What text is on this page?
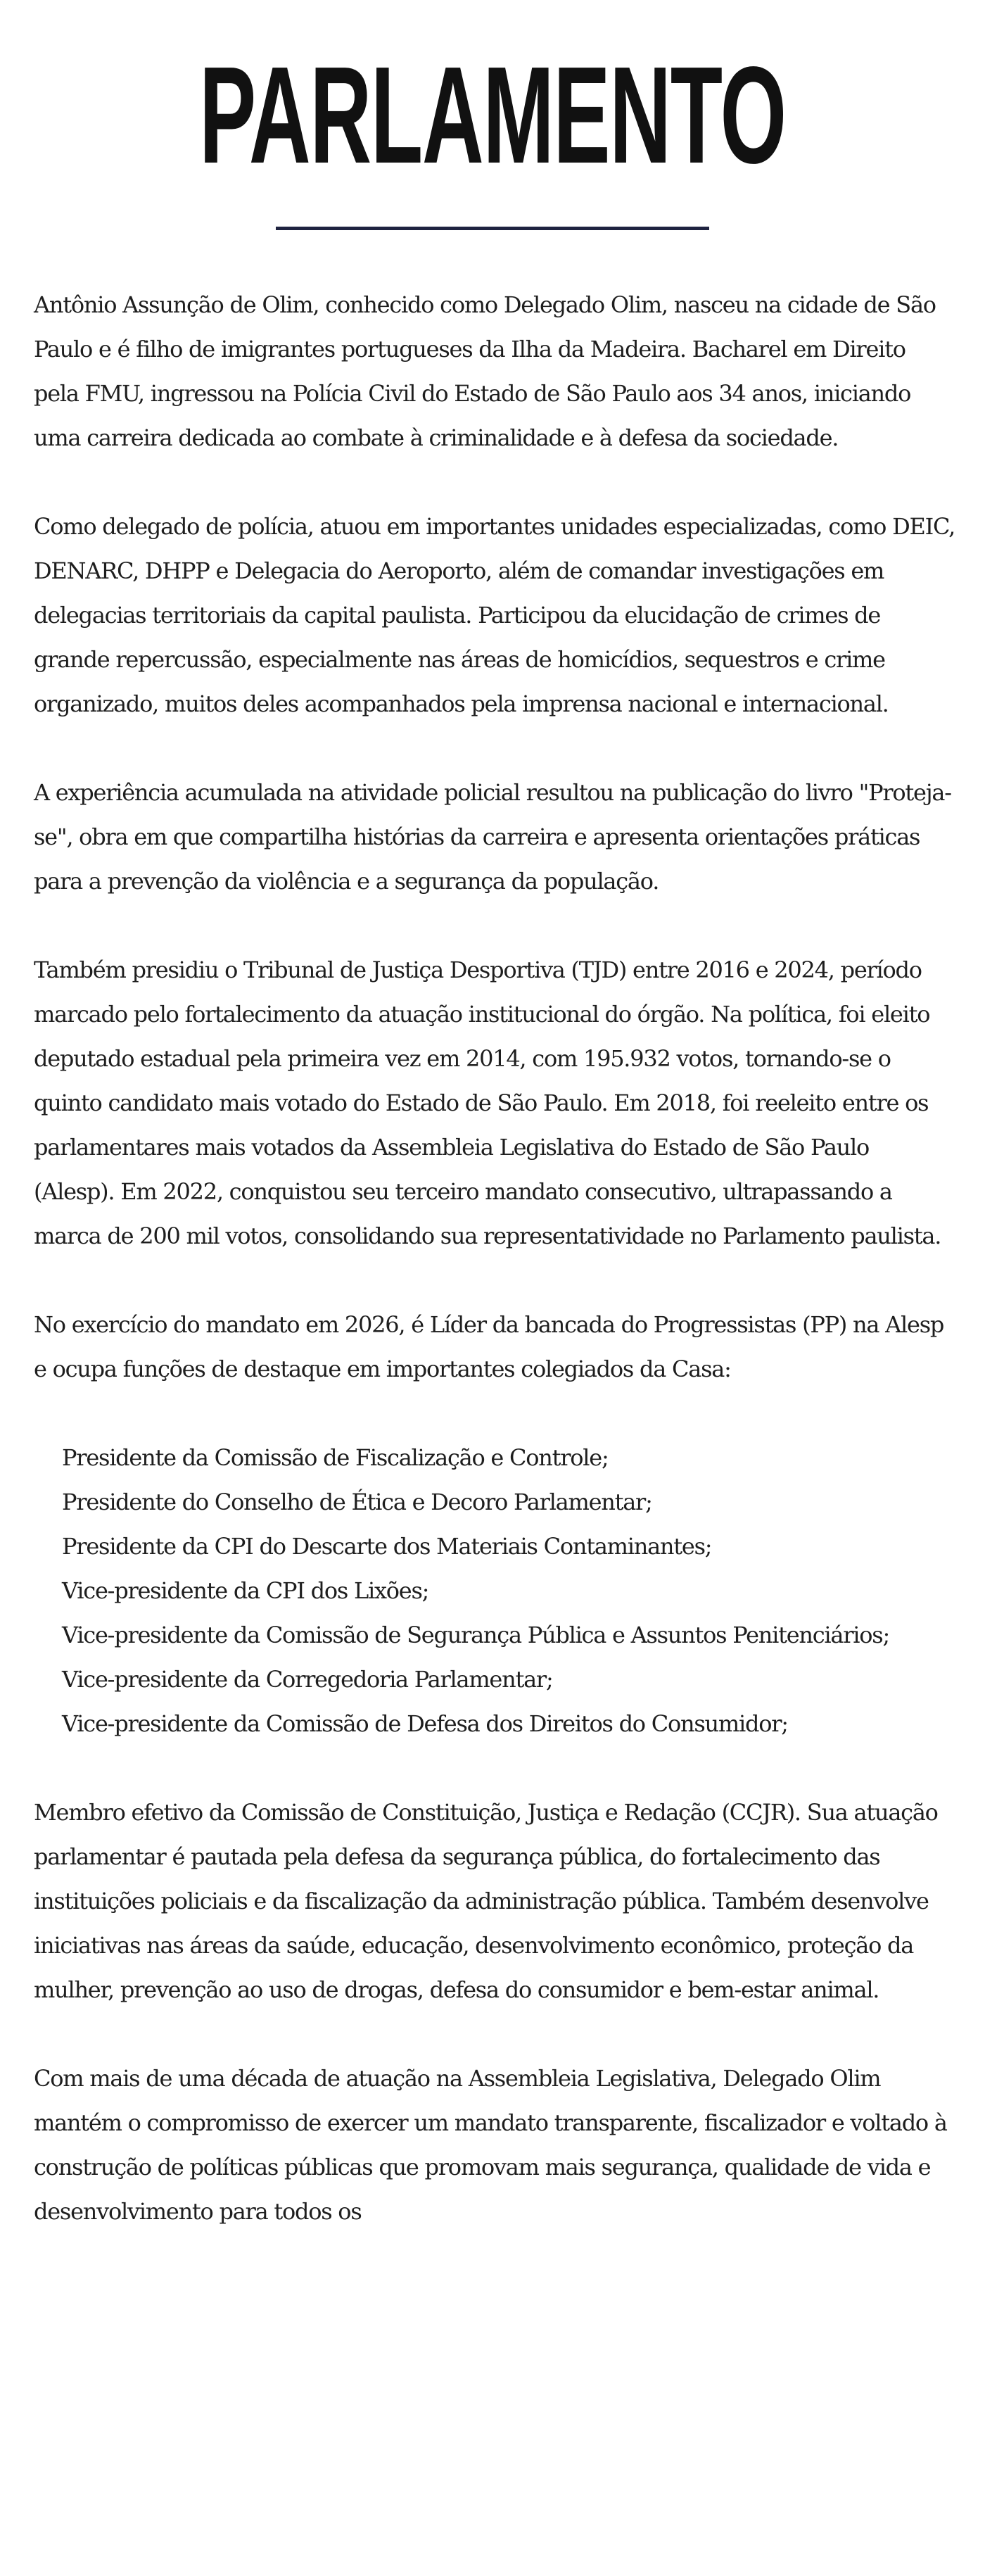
PARLAMENTO

Antônio Assunção de Olim, conhecido como Delegado Olim, nasceu na cidade de São Paulo e é filho de imigrantes portugueses da Ilha da Madeira. Bacharel em Direito pela FMU, ingressou na Polícia Civil do Estado de São Paulo aos 34 anos, iniciando uma carreira dedicada ao combate à criminalidade e à defesa da sociedade.

Como delegado de polícia, atuou em importantes unidades especializadas, como DEIC, DENARC, DHPP e Delegacia do Aeroporto, além de comandar investigações em delegacias territoriais da capital paulista. Participou da elucidação de crimes de grande repercussão, especialmente nas áreas de homicídios, sequestros e crime organizado, muitos deles acompanhados pela imprensa nacional e internacional.

A experiência acumulada na atividade policial resultou na publicação do livro "Proteja-se", obra em que compartilha histórias da carreira e apresenta orientações práticas para a prevenção da violência e a segurança da população.

Também presidiu o Tribunal de Justiça Desportiva (TJD) entre 2016 e 2024, período marcado pelo fortalecimento da atuação institucional do órgão. Na política, foi eleito deputado estadual pela primeira vez em 2014, com 195.932 votos, tornando-se o quinto candidato mais votado do Estado de São Paulo. Em 2018, foi reeleito entre os parlamentares mais votados da Assembleia Legislativa do Estado de São Paulo (Alesp). Em 2022, conquistou seu terceiro mandato consecutivo, ultrapassando a marca de 200 mil votos, consolidando sua representatividade no Parlamento paulista.

No exercício do mandato em 2026, é Líder da bancada do Progressistas (PP) na Alesp e ocupa funções de destaque em importantes colegiados da Casa:

Presidente da Comissão de Fiscalização e Controle;
Presidente do Conselho de Ética e Decoro Parlamentar;
Presidente da CPI do Descarte dos Materiais Contaminantes;
Vice-presidente da CPI dos Lixões;
Vice-presidente da Comissão de Segurança Pública e Assuntos Penitenciários;
Vice-presidente da Corregedoria Parlamentar;
Vice-presidente da Comissão de Defesa dos Direitos do Consumidor;

Membro efetivo da Comissão de Constituição, Justiça e Redação (CCJR). Sua atuação parlamentar é pautada pela defesa da segurança pública, do fortalecimento das instituições policiais e da fiscalização da administração pública. Também desenvolve iniciativas nas áreas da saúde, educação, desenvolvimento econômico, proteção da mulher, prevenção ao uso de drogas, defesa do consumidor e bem-estar animal.

Com mais de uma década de atuação na Assembleia Legislativa, Delegado Olim mantém o compromisso de exercer um mandato transparente, fiscalizador e voltado à construção de políticas públicas que promovam mais segurança, qualidade de vida e desenvolvimento para todos os
